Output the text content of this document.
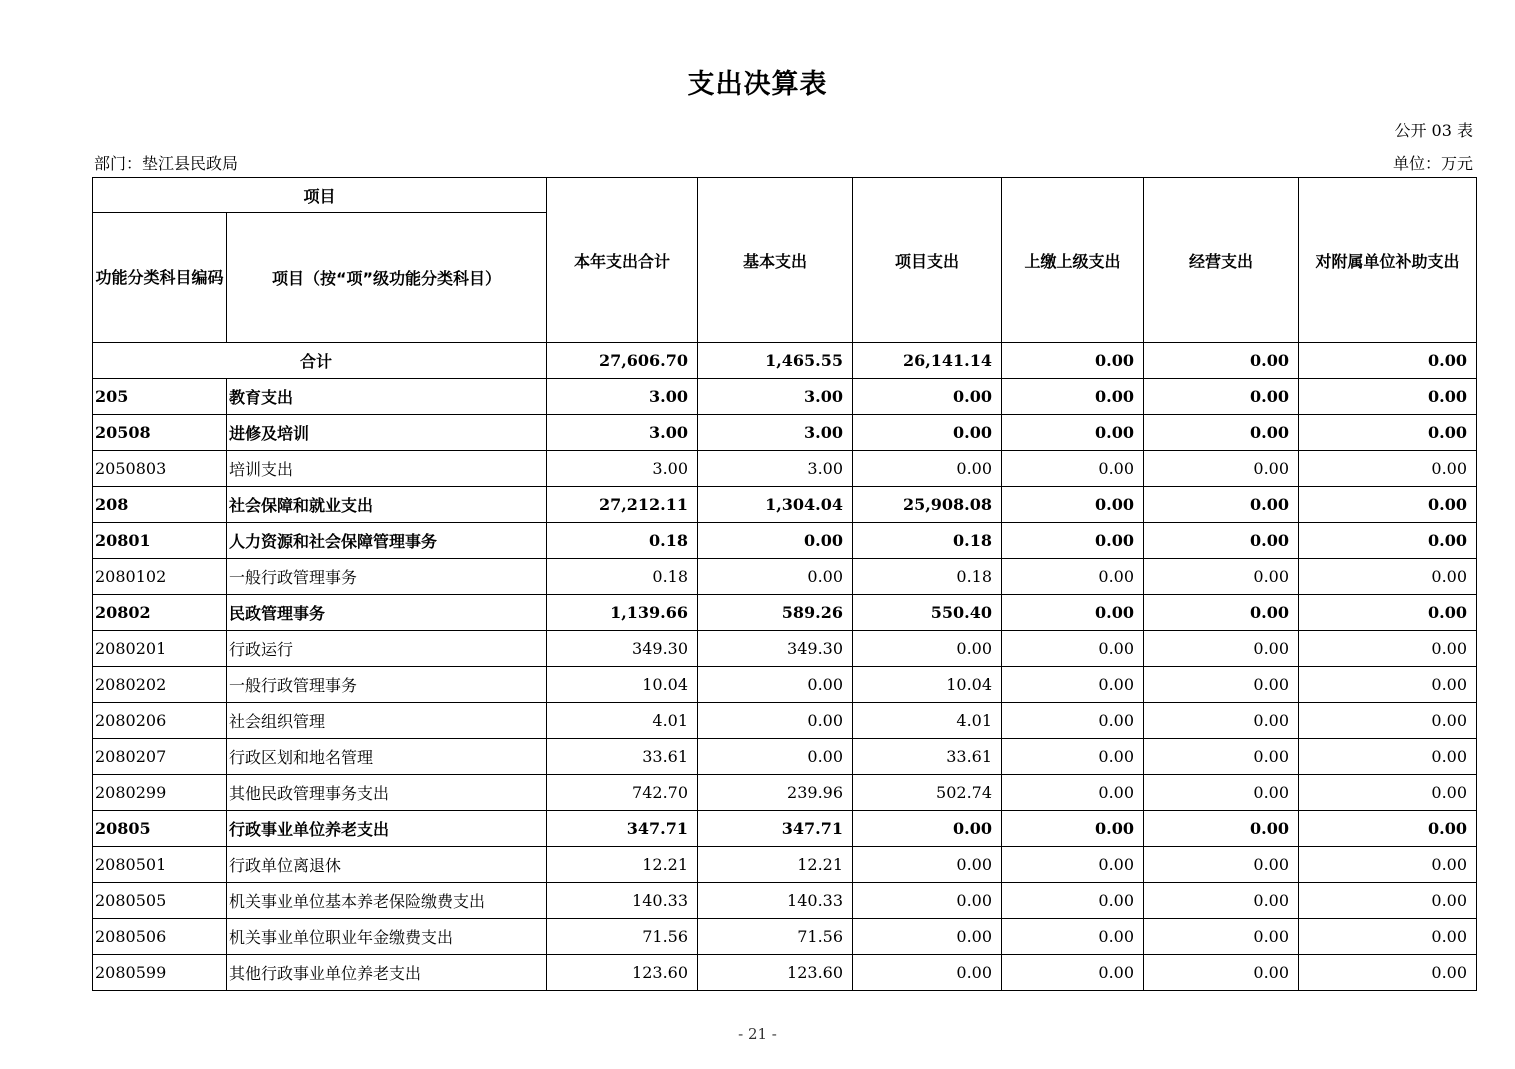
支出决算表
公开 03 表
部门：垫江县民政局	单位：万元
项目		本年支出合计	基本支出	项目支出	上缴上级支出	经营支出	对附属单位补助支出
功能分类科目编码	项目（按“项”级功能分类科目）						
合计		27,606.70	1,465.55	26,141.14	0.00	0.00	0.00
205	教育支出	3.00	3.00	0.00	0.00	0.00	0.00
20508	进修及培训	3.00	3.00	0.00	0.00	0.00	0.00
2050803	培训支出	3.00	3.00	0.00	0.00	0.00	0.00
208	社会保障和就业支出	27,212.11	1,304.04	25,908.08	0.00	0.00	0.00
20801	人力资源和社会保障管理事务	0.18	0.00	0.18	0.00	0.00	0.00
2080102	一般行政管理事务	0.18	0.00	0.18	0.00	0.00	0.00
20802	民政管理事务	1,139.66	589.26	550.40	0.00	0.00	0.00
2080201	行政运行	349.30	349.30	0.00	0.00	0.00	0.00
2080202	一般行政管理事务	10.04	0.00	10.04	0.00	0.00	0.00
2080206	社会组织管理	4.01	0.00	4.01	0.00	0.00	0.00
2080207	行政区划和地名管理	33.61	0.00	33.61	0.00	0.00	0.00
2080299	其他民政管理事务支出	742.70	239.96	502.74	0.00	0.00	0.00
20805	行政事业单位养老支出	347.71	347.71	0.00	0.00	0.00	0.00
2080501	行政单位离退休	12.21	12.21	0.00	0.00	0.00	0.00
2080505	机关事业单位基本养老保险缴费支出	140.33	140.33	0.00	0.00	0.00	0.00
2080506	机关事业单位职业年金缴费支出	71.56	71.56	0.00	0.00	0.00	0.00
2080599	其他行政事业单位养老支出	123.60	123.60	0.00	0.00	0.00	0.00
- 21 -
